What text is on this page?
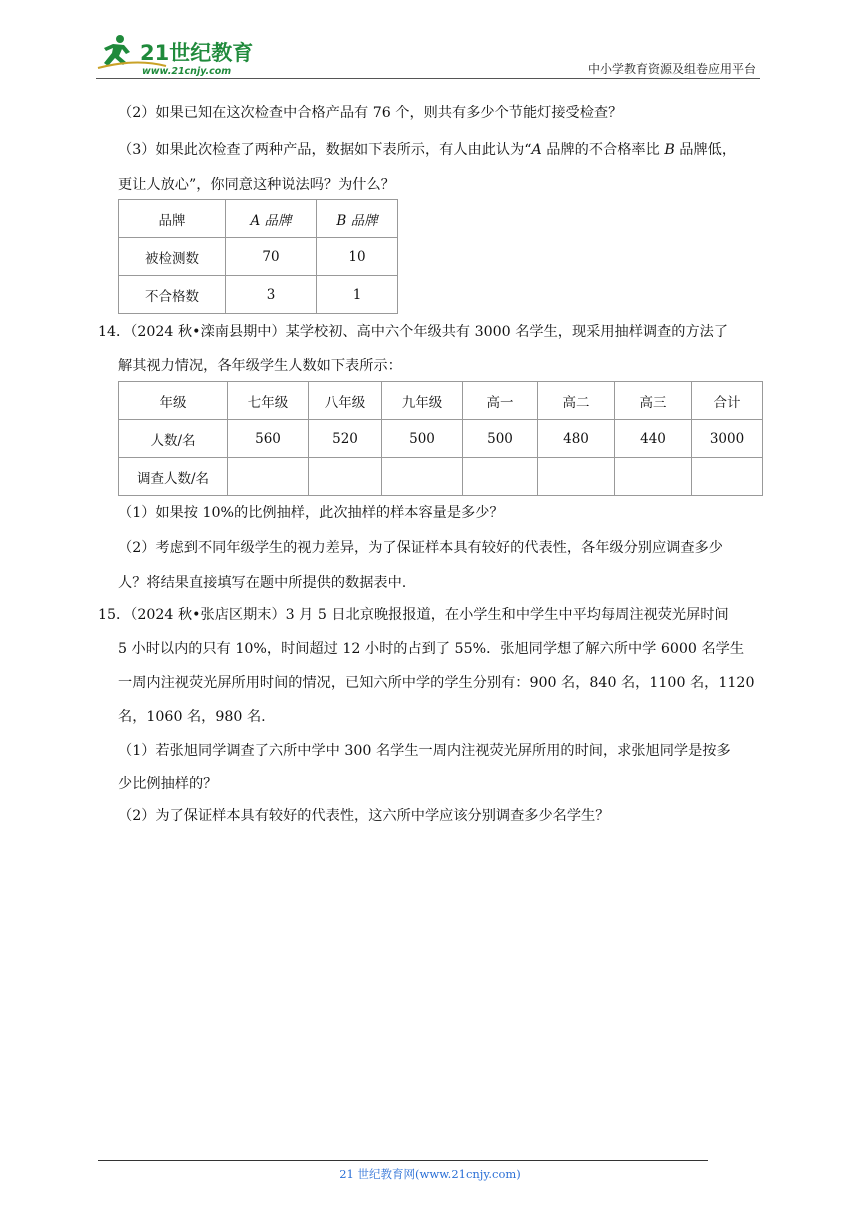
21世纪教育
www.21cnjy.com	中小学教育资源及组卷应用平台
（2）如果已知在这次检查中合格产品有 76 个，则共有多少个节能灯接受检查？
（3）如果此次检查了两种产品，数据如下表所示，有人由此认为“A 品牌的不合格率比 B 品牌低，
更让人放心”，你同意这种说法吗？为什么？
品牌	A 品牌	B 品牌
被检测数	70	10
不合格数	3	1
14．（2024 秋•滦南县期中）某学校初、高中六个年级共有 3000 名学生，现采用抽样调查的方法了
解其视力情况，各年级学生人数如下表所示：
年级	七年级	八年级	九年级	高一	高二	高三	合计
人数/名	560	520	500	500	480	440	3000
调查人数/名							
（1）如果按 10%的比例抽样，此次抽样的样本容量是多少？
（2）考虑到不同年级学生的视力差异，为了保证样本具有较好的代表性，各年级分别应调查多少
人？将结果直接填写在题中所提供的数据表中.
15．（2024 秋•张店区期末）3 月 5 日北京晚报报道，在小学生和中学生中平均每周注视荧光屏时间
5 小时以内的只有 10%，时间超过 12 小时的占到了 55%．张旭同学想了解六所中学 6000 名学生
一周内注视荧光屏所用时间的情况，已知六所中学的学生分别有：900 名，840 名，1100 名，1120
名，1060 名，980 名.
（1）若张旭同学调查了六所中学中 300 名学生一周内注视荧光屏所用的时间，求张旭同学是按多
少比例抽样的？
（2）为了保证样本具有较好的代表性，这六所中学应该分别调查多少名学生？
21 世纪教育网(www.21cnjy.com)
